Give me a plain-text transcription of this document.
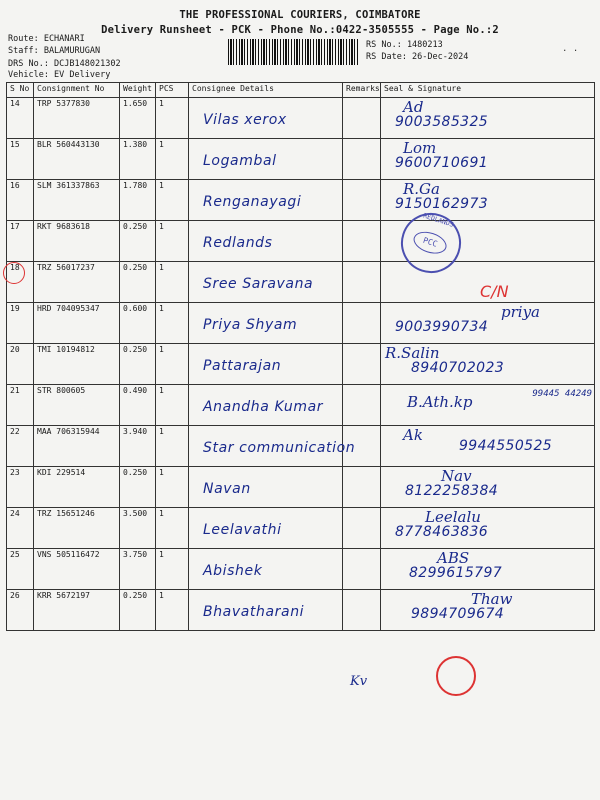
THE PROFESSIONAL COURIERS, COIMBATORE
Delivery Runsheet - PCK - Phone No.:0422-3505555 - Page No.:2
Route: ECHANARI
Staff: BALAMURUGAN
DRS No.: DCJB148021302
Vehicle: EV Delivery
RS No.: 1480213
RS Date: 26-Dec-2024
. .
S No	Consignment No	Weight	PCS	Consignee Details	Remarks	Seal & Signature
14	TRP 5377830	1.650	1	Vilas xerox		Ad
9003585325

15	BLR 560443130	1.380	1	Logambal		Lom
9600710691

16	SLM 361337863	1.780	1	Renganayagi		R.Ga
9150162973

17	RKT 9683618	0.250	1	Redlands		REDLANDS
PCC

18	TRZ 56017237	0.250	1	Sree Saravana		

19	HRD 704095347	0.600	1	Priya Shyam		priya
9003990734

20	TMI 10194812	0.250	1	Pattarajan		R.Salin
8940702023

21	STR 800605	0.490	1	Anandha Kumar		B.Ath.kp 99445 44249

22	MAA 706315944	3.940	1	Star communication		Ak
9944550525

23	KDI 229514	0.250	1	Navan		Nav
8122258384

24	TRZ 15651246	3.500	1	Leelavathi		Leelalu
8778463836

25	VNS 505116472	3.750	1	Abishek		ABS
8299615797

26	KRR 5672197	0.250	1	Bhavatharani		Thaw
9894709674
C/N
Kv
